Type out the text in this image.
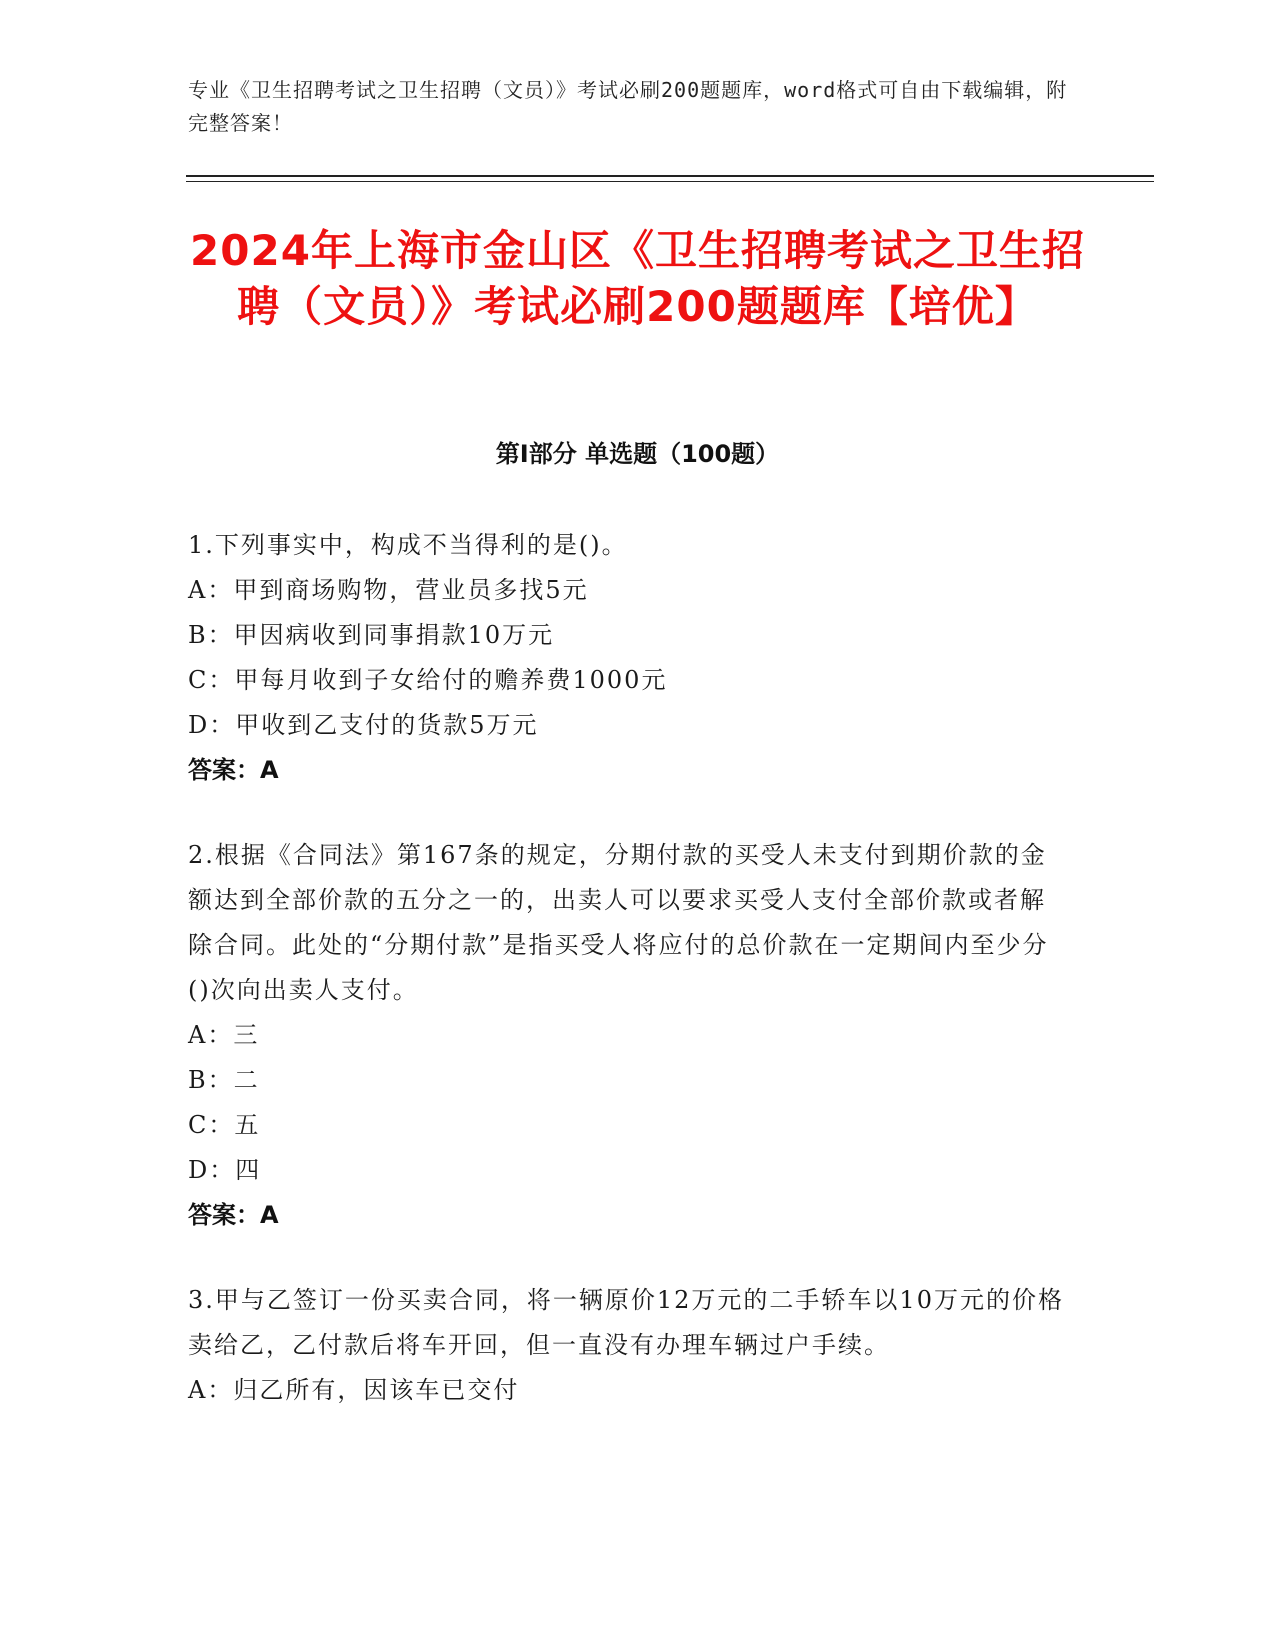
专业《卫生招聘考试之卫生招聘（文员）》考试必刷200题题库，word格式可自由下载编辑，附完整答案！
2024年上海市金山区《卫生招聘考试之卫生招聘（文员）》考试必刷200题题库【培优】
第Ⅰ部分 单选题（100题）
1.下列事实中，构成不当得利的是()。
A：甲到商场购物，营业员多找5元
B：甲因病收到同事捐款10万元
C：甲每月收到子女给付的赡养费1000元
D：甲收到乙支付的货款5万元
答案：A
2.根据《合同法》第167条的规定，分期付款的买受人未支付到期价款的金额达到全部价款的五分之一的，出卖人可以要求买受人支付全部价款或者解除合同。此处的“分期付款”是指买受人将应付的总价款在一定期间内至少分()次向出卖人支付。
A：三
B：二
C：五
D：四
答案：A
3.甲与乙签订一份买卖合同，将一辆原价12万元的二手轿车以10万元的价格卖给乙，乙付款后将车开回，但一直没有办理车辆过户手续。
A：归乙所有，因该车已交付
